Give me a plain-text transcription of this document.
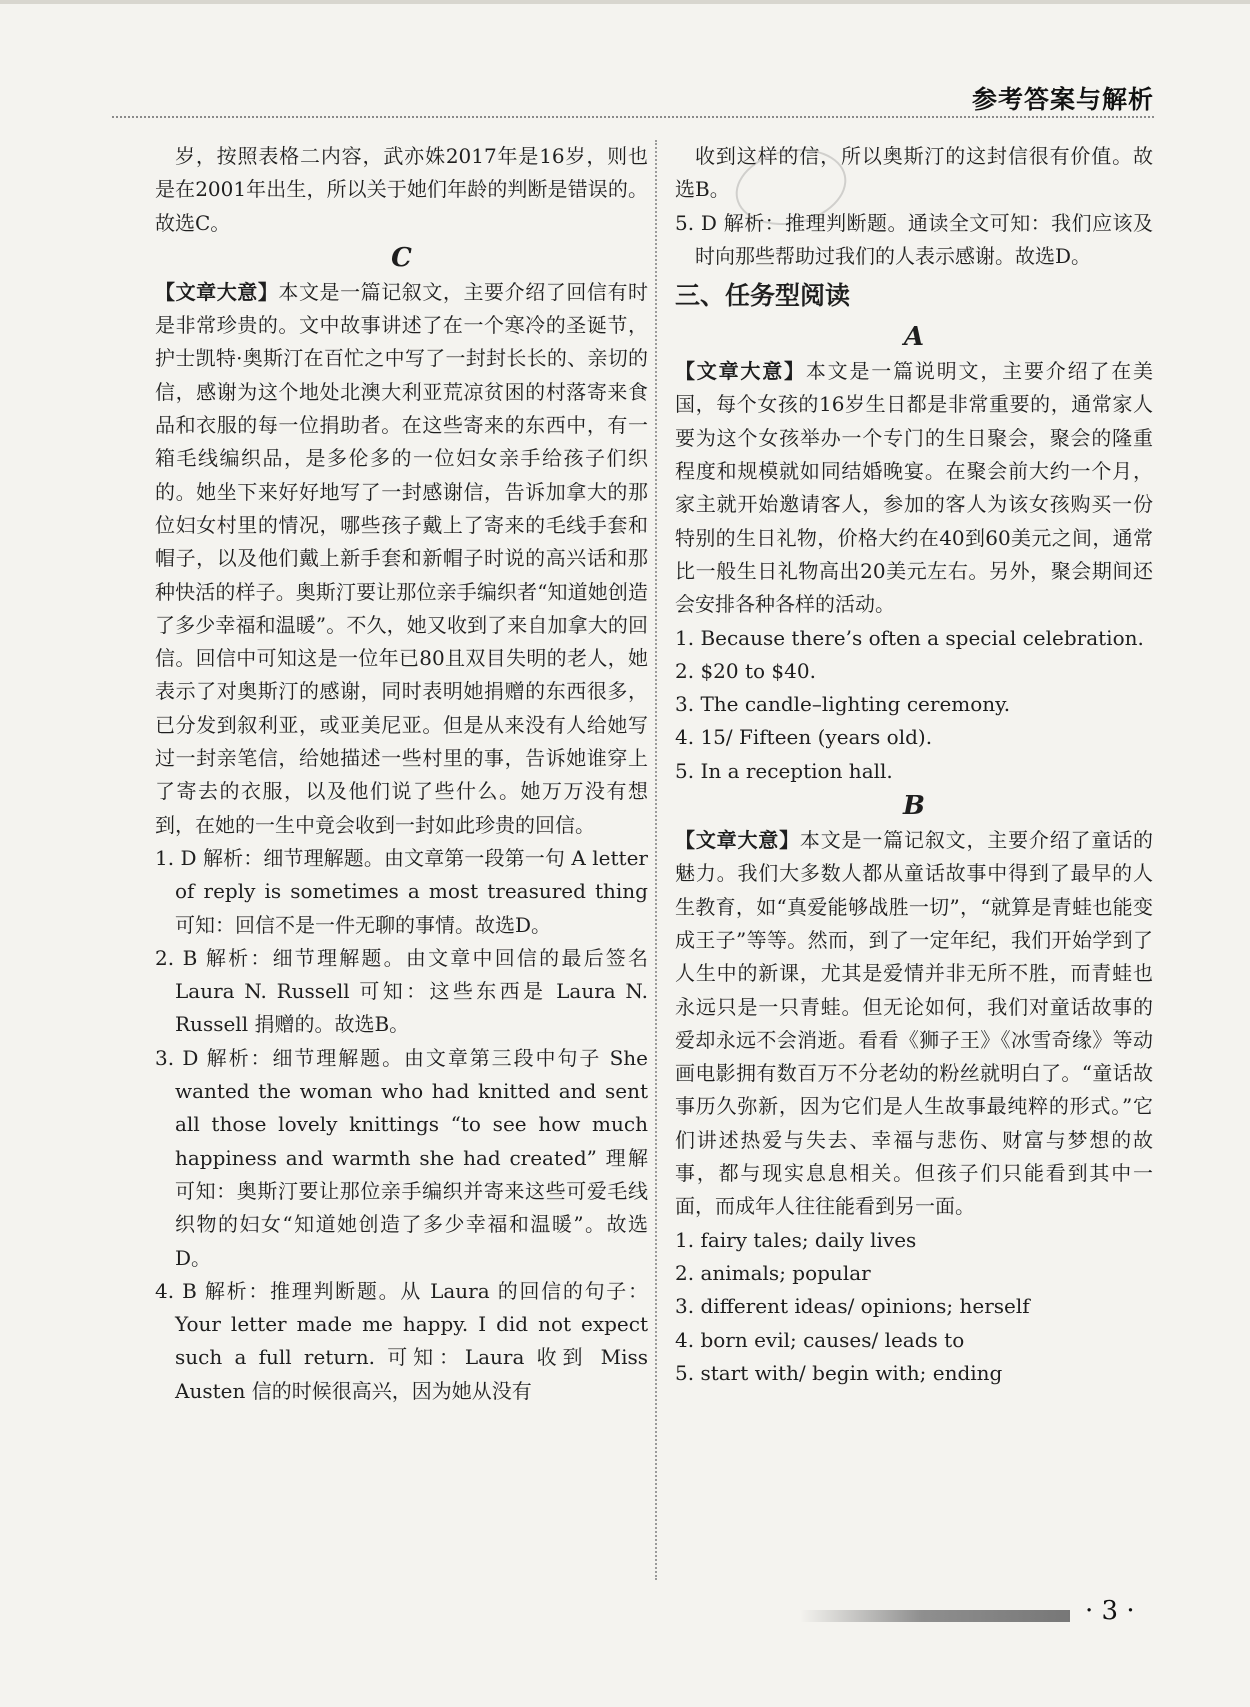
参考答案与解析

岁，按照表格二内容，武亦姝2017年是16岁，则也是在2001年出生，所以关于她们年龄的判断是错误的。故选C。

C

【文章大意】本文是一篇记叙文，主要介绍了回信有时是非常珍贵的。文中故事讲述了在一个寒冷的圣诞节，护士凯特·奥斯汀在百忙之中写了一封封长长的、亲切的信，感谢为这个地处北澳大利亚荒凉贫困的村落寄来食品和衣服的每一位捐助者。在这些寄来的东西中，有一箱毛线编织品，是多伦多的一位妇女亲手给孩子们织的。她坐下来好好地写了一封感谢信，告诉加拿大的那位妇女村里的情况，哪些孩子戴上了寄来的毛线手套和帽子，以及他们戴上新手套和新帽子时说的高兴话和那种快活的样子。奥斯汀要让那位亲手编织者“知道她创造了多少幸福和温暖”。不久，她又收到了来自加拿大的回信。回信中可知这是一位年已80且双目失明的老人，她表示了对奥斯汀的感谢，同时表明她捐赠的东西很多，已分发到叙利亚，或亚美尼亚。但是从来没有人给她写过一封亲笔信，给她描述一些村里的事，告诉她谁穿上了寄去的衣服，以及他们说了些什么。她万万没有想到，在她的一生中竟会收到一封如此珍贵的回信。

1. D 解析：细节理解题。由文章第一段第一句 A letter of reply is sometimes a most treasured thing 可知：回信不是一件无聊的事情。故选D。

2. B 解析：细节理解题。由文章中回信的最后签名 Laura N. Russell 可知：这些东西是 Laura N. Russell 捐赠的。故选B。

3. D 解析：细节理解题。由文章第三段中句子 She wanted the woman who had knitted and sent all those lovely knittings “to see how much happiness and warmth she had created” 理解可知：奥斯汀要让那位亲手编织并寄来这些可爱毛线织物的妇女“知道她创造了多少幸福和温暖”。故选D。

4. B 解析：推理判断题。从 Laura 的回信的句子：Your letter made me happy. I did not expect such a full return. 可知：Laura 收到 Miss Austen 信的时候很高兴，因为她从没有

收到这样的信，所以奥斯汀的这封信很有价值。故选B。

5. D 解析：推理判断题。通读全文可知：我们应该及时向那些帮助过我们的人表示感谢。故选D。

三、任务型阅读
A

【文章大意】本文是一篇说明文，主要介绍了在美国，每个女孩的16岁生日都是非常重要的，通常家人要为这个女孩举办一个专门的生日聚会，聚会的隆重程度和规模就如同结婚晚宴。在聚会前大约一个月，家主就开始邀请客人，参加的客人为该女孩购买一份特别的生日礼物，价格大约在40到60美元之间，通常比一般生日礼物高出20美元左右。另外，聚会期间还会安排各种各样的活动。

1. Because there’s often a special celebration.

2. $20 to $40.

3. The candle–lighting ceremony.

4. 15/ Fifteen (years old).

5. In a reception hall.

B

【文章大意】本文是一篇记叙文，主要介绍了童话的魅力。我们大多数人都从童话故事中得到了最早的人生教育，如“真爱能够战胜一切”，“就算是青蛙也能变成王子”等等。然而，到了一定年纪，我们开始学到了人生中的新课，尤其是爱情并非无所不胜，而青蛙也永远只是一只青蛙。但无论如何，我们对童话故事的爱却永远不会消逝。看看《狮子王》《冰雪奇缘》等动画电影拥有数百万不分老幼的粉丝就明白了。“童话故事历久弥新，因为它们是人生故事最纯粹的形式。”它们讲述热爱与失去、幸福与悲伤、财富与梦想的故事，都与现实息息相关。但孩子们只能看到其中一面，而成年人往往能看到另一面。

1. fairy tales; daily lives

2. animals; popular

3. different ideas/ opinions; herself

4. born evil; causes/ leads to

5. start with/ begin with; ending

· 3 ·
